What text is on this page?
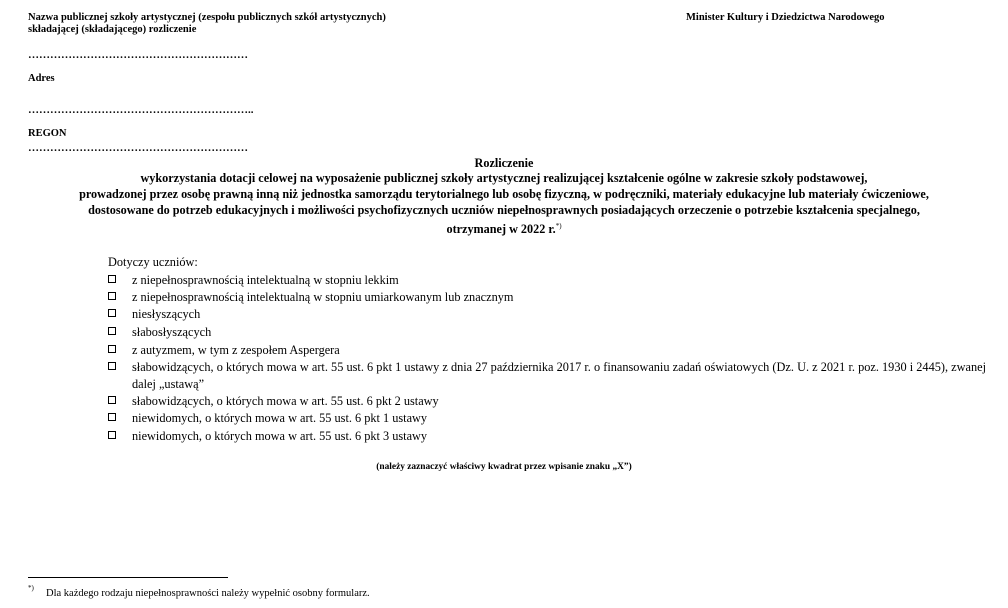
Nazwa publicznej szkoły artystycznej (zespołu publicznych szkół artystycznych)
składającej (składającego) rozliczenie
……………………………………………………
Adres
……………………………………………………..
REGON
……………………………………………………
Minister Kultury i Dziedzictwa Narodowego
Rozliczenie
wykorzystania dotacji celowej na wyposażenie publicznej szkoły artystycznej realizującej kształcenie ogólne w zakresie szkoły podstawowej,
prowadzonej przez osobę prawną inną niż jednostka samorządu terytorialnego lub osobę fizyczną, w podręczniki, materiały edukacyjne lub materiały ćwiczeniowe,
dostosowane do potrzeb edukacyjnych i możliwości psychofizycznych uczniów niepełnosprawnych posiadających orzeczenie o potrzebie kształcenia specjalnego,
otrzymanej w 2022 r.*)
Dotyczy uczniów:
z niepełnosprawnością intelektualną w stopniu lekkim
z niepełnosprawnością intelektualną w stopniu umiarkowanym lub znacznym
niesłyszących
słabosłyszących
z autyzmem, w tym z zespołem Aspergera
słabowidzących, o których mowa w art. 55 ust. 6 pkt 1 ustawy z dnia 27 października 2017 r. o finansowaniu zadań oświatowych (Dz. U. z 2021 r. poz. 1930 i 2445), zwanej dalej „ustawą”
słabowidzących, o których mowa w art. 55 ust. 6 pkt 2 ustawy
niewidomych, o których mowa w art. 55 ust. 6 pkt 1 ustawy
niewidomych, o których mowa w art. 55 ust. 6 pkt 3 ustawy
(należy zaznaczyć właściwy kwadrat przez wpisanie znaku „X”)
*) Dla każdego rodzaju niepełnosprawności należy wypełnić osobny formularz.
